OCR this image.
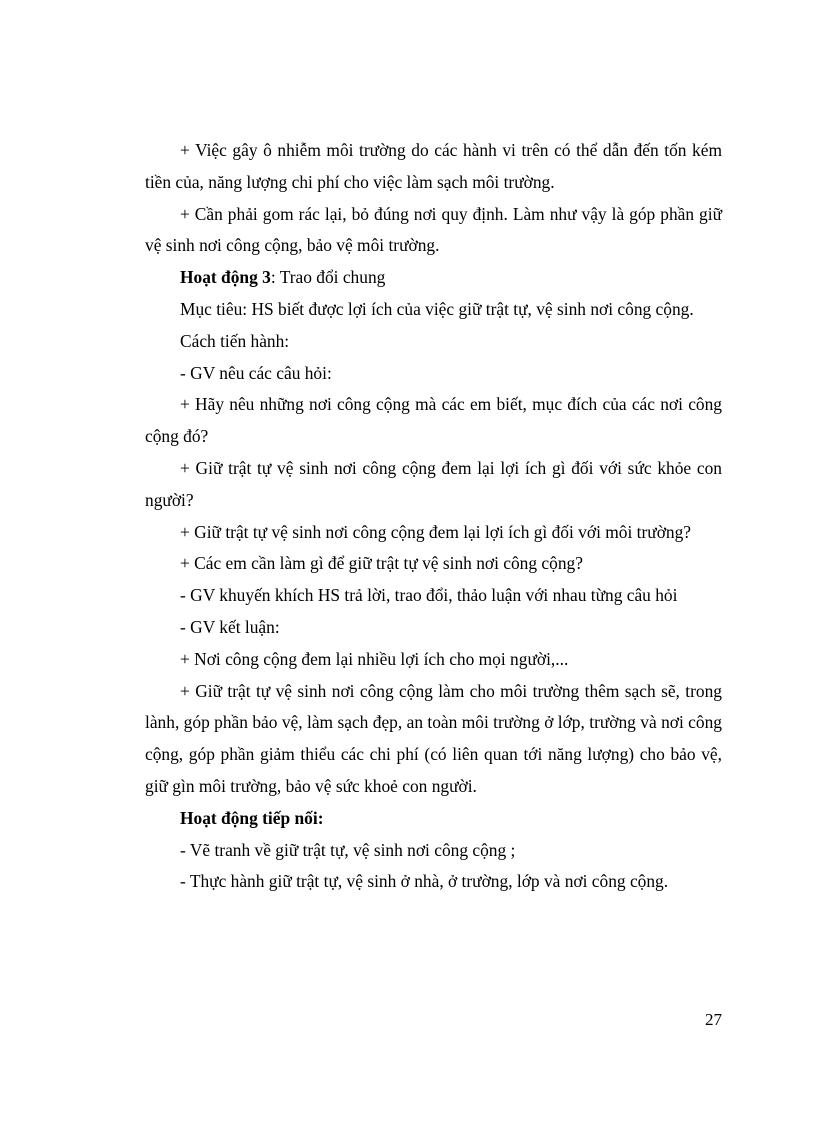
+ Việc gây ô nhiễm môi trường do các hành vi trên có thể dẫn đến tốn kém tiền của, năng lượng chi phí cho việc làm sạch môi trường.

+ Cần phải gom rác lại, bỏ đúng nơi quy định. Làm như vậy là góp phần giữ vệ sinh nơi công cộng, bảo vệ môi trường.

Hoạt động 3: Trao đổi chung

Mục tiêu: HS biết được lợi ích của việc giữ trật tự, vệ sinh nơi công cộng.

Cách tiến hành:

- GV nêu các câu hỏi:

+ Hãy nêu những nơi công cộng mà các em biết, mục đích của các nơi công cộng đó?

+ Giữ trật tự vệ sinh nơi công cộng đem lại lợi ích gì đối với sức khỏe con người?

+ Giữ trật tự vệ sinh nơi công cộng đem lại lợi ích gì đối với môi trường?

+ Các em cần làm gì để giữ trật tự vệ sinh nơi công cộng?

- GV khuyến khích HS trả lời, trao đổi, thảo luận với nhau từng câu hỏi

- GV kết luận:

+ Nơi công cộng đem lại nhiều lợi ích cho mọi người,...

+ Giữ trật tự vệ sinh nơi công cộng làm cho môi trường thêm sạch sẽ, trong lành, góp phần bảo vệ, làm sạch đẹp, an toàn môi trường ở lớp, trường và nơi công cộng, góp phần giảm thiểu các chi phí (có liên quan tới năng lượng) cho bảo vệ, giữ gìn môi trường, bảo vệ sức khoẻ con người.

Hoạt động tiếp nối:

- Vẽ tranh về giữ trật tự, vệ sinh nơi công cộng ;

- Thực hành giữ trật tự, vệ sinh ở nhà, ở trường, lớp và nơi công cộng.

27
